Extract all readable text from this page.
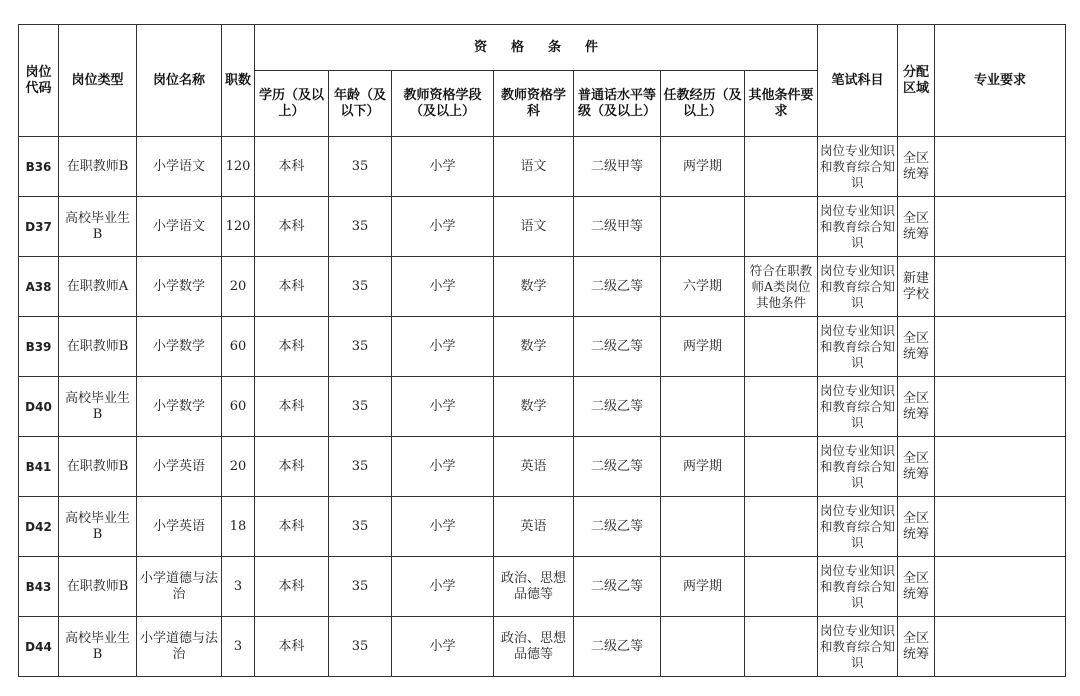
岗位代码	岗位类型	岗位名称	职数	资 格 条 件							笔试科目	分配区域	专业要求
				学历（及以上）	年龄（及以下）	教师资格学段（及以上）	教师资格学科	普通话水平等级（及以上）	任教经历（及以上）	其他条件要求			
B36	在职教师B	小学语文	120	本科	35	小学	语文	二级甲等	两学期		岗位专业知识和教育综合知识	全区统筹	
D37	高校毕业生B	小学语文	120	本科	35	小学	语文	二级甲等			岗位专业知识和教育综合知识	全区统筹	
A38	在职教师A	小学数学	20	本科	35	小学	数学	二级乙等	六学期	符合在职教师A类岗位其他条件	岗位专业知识和教育综合知识	新建学校	
B39	在职教师B	小学数学	60	本科	35	小学	数学	二级乙等	两学期		岗位专业知识和教育综合知识	全区统筹	
D40	高校毕业生B	小学数学	60	本科	35	小学	数学	二级乙等			岗位专业知识和教育综合知识	全区统筹	
B41	在职教师B	小学英语	20	本科	35	小学	英语	二级乙等	两学期		岗位专业知识和教育综合知识	全区统筹	
D42	高校毕业生B	小学英语	18	本科	35	小学	英语	二级乙等			岗位专业知识和教育综合知识	全区统筹	
B43	在职教师B	小学道德与法治	3	本科	35	小学	政治、思想品德等	二级乙等	两学期		岗位专业知识和教育综合知识	全区统筹	
D44	高校毕业生B	小学道德与法治	3	本科	35	小学	政治、思想品德等	二级乙等			岗位专业知识和教育综合知识	全区统筹	
